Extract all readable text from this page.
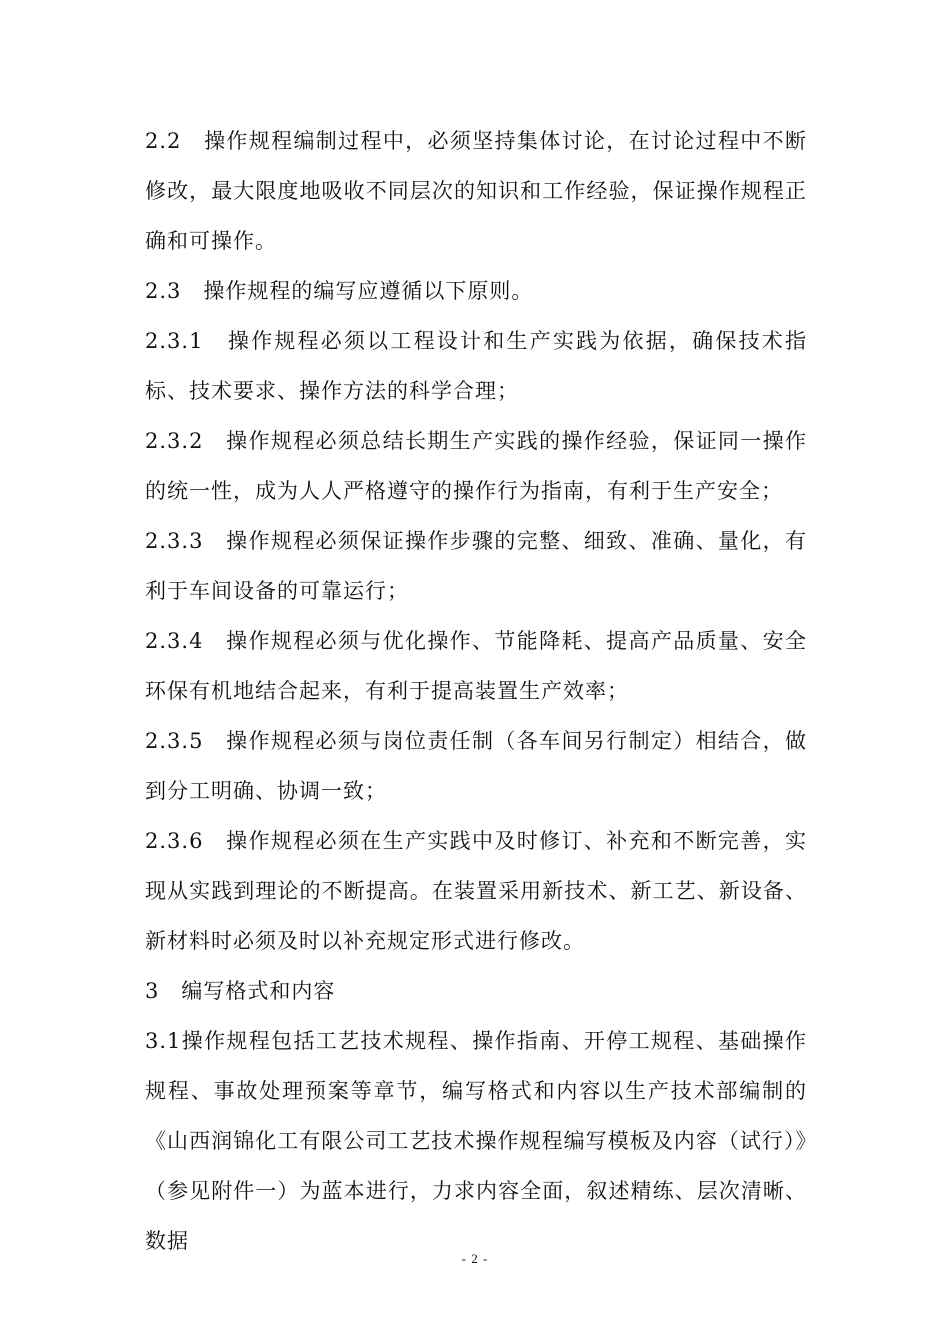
2.2　操作规程编制过程中，必须坚持集体讨论，在讨论过程中不断修改，最大限度地吸收不同层次的知识和工作经验，保证操作规程正确和可操作。

2.3　操作规程的编写应遵循以下原则。

2.3.1　操作规程必须以工程设计和生产实践为依据，确保技术指标、技术要求、操作方法的科学合理；

2.3.2　操作规程必须总结长期生产实践的操作经验，保证同一操作的统一性，成为人人严格遵守的操作行为指南，有利于生产安全；

2.3.3　操作规程必须保证操作步骤的完整、细致、准确、量化，有利于车间设备的可靠运行；

2.3.4　操作规程必须与优化操作、节能降耗、提高产品质量、安全环保有机地结合起来，有利于提高装置生产效率；

2.3.5　操作规程必须与岗位责任制（各车间另行制定）相结合，做到分工明确、协调一致；

2.3.6　操作规程必须在生产实践中及时修订、补充和不断完善，实现从实践到理论的不断提高。在装置采用新技术、新工艺、新设备、新材料时必须及时以补充规定形式进行修改。

3　编写格式和内容

3.1操作规程包括工艺技术规程、操作指南、开停工规程、基础操作规程、事故处理预案等章节，编写格式和内容以生产技术部编制的《山西润锦化工有限公司工艺技术操作规程编写模板及内容（试行）》（参见附件一）为蓝本进行，力求内容全面，叙述精练、层次清晰、数据

- 2 -
